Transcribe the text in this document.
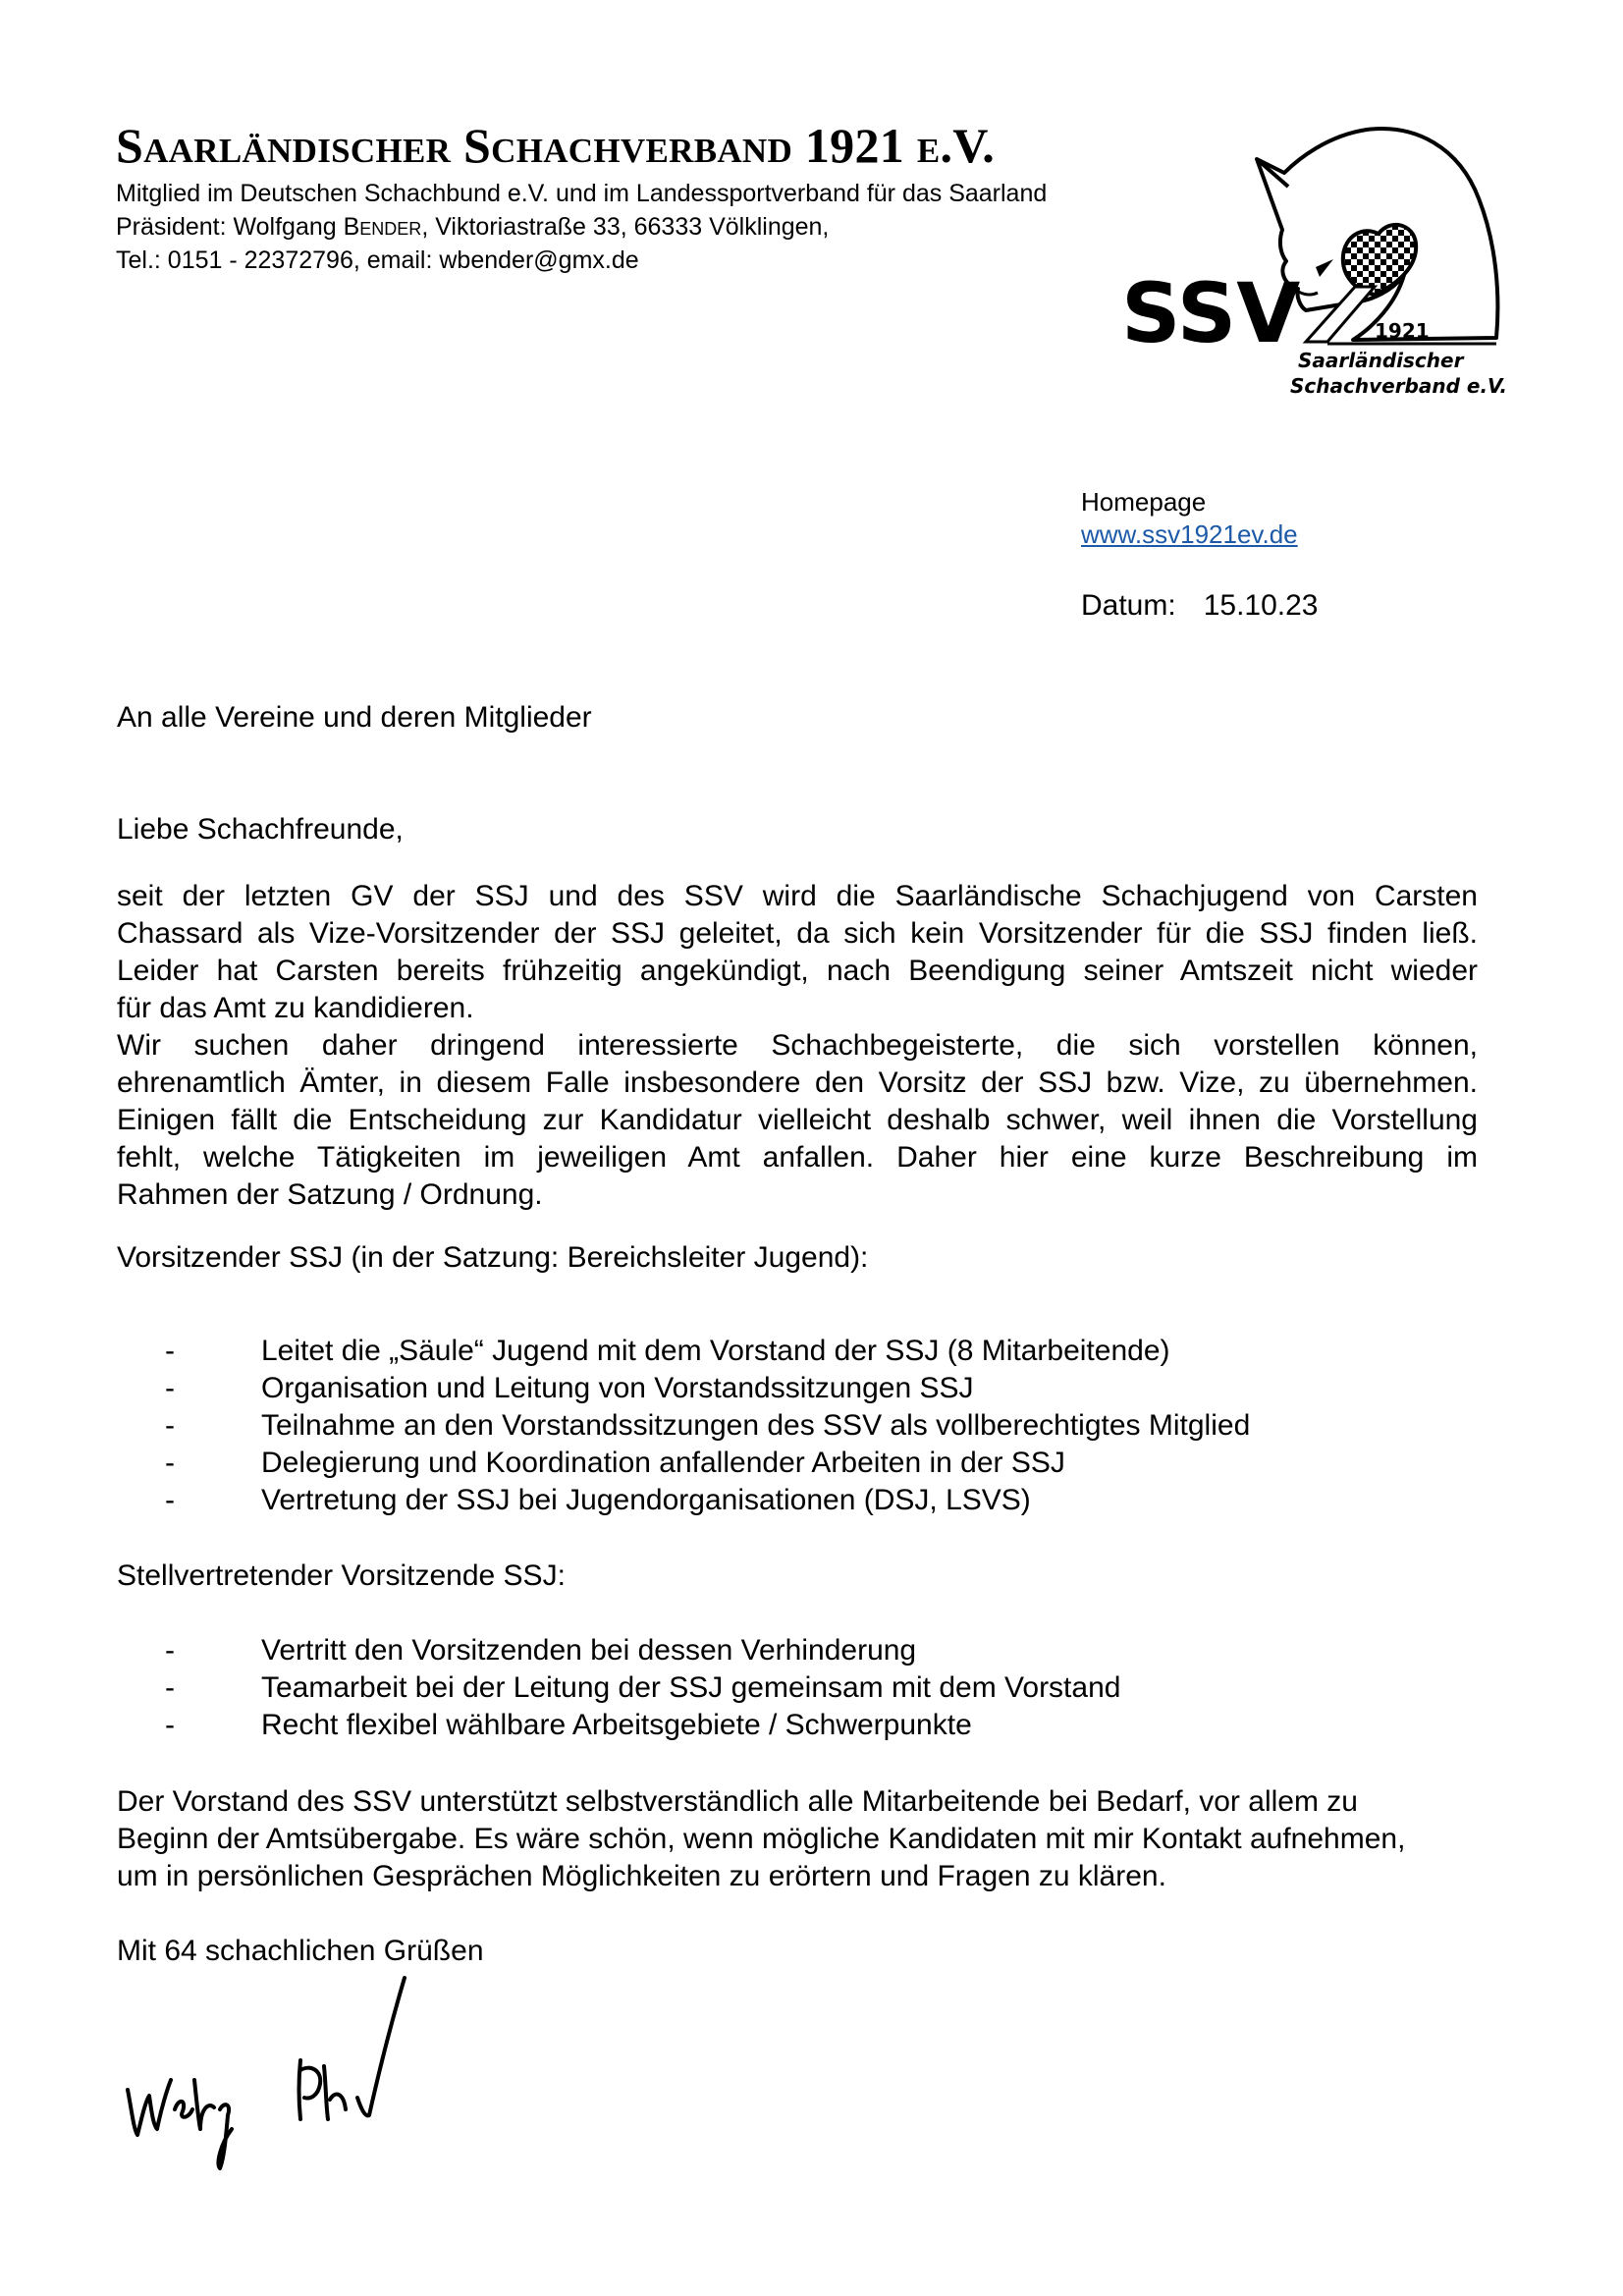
Saarländischer Schachverband 1921 e.V.
Mitglied im Deutschen Schachbund e.V. und im Landessportverband für das Saarland
Präsident: Wolfgang Bender, Viktoriastraße 33, 66333 Völklingen,
Tel.: 0151 - 22372796, email: wbender@gmx.de
SSV	1921
Saarländischer
Schachverband e.V.
Homepage
www.ssv1921ev.de
Datum: 15.10.23

An alle Vereine und deren Mitglieder

Liebe Schachfreunde,

seit der letzten GV der SSJ und des SSV wird die Saarländische Schachjugend von Carsten
Chassard als Vize-Vorsitzender der SSJ geleitet, da sich kein Vorsitzender für die SSJ finden ließ.
Leider hat Carsten bereits frühzeitig angekündigt, nach Beendigung seiner Amtszeit nicht wieder
für das Amt zu kandidieren.
Wir suchen daher dringend interessierte Schachbegeisterte, die sich vorstellen können,
ehrenamtlich Ämter, in diesem Falle insbesondere den Vorsitz der SSJ bzw. Vize, zu übernehmen.
Einigen fällt die Entscheidung zur Kandidatur vielleicht deshalb schwer, weil ihnen die Vorstellung
fehlt, welche Tätigkeiten im jeweiligen Amt anfallen. Daher hier eine kurze Beschreibung im
Rahmen der Satzung / Ordnung.

Vorsitzender SSJ (in der Satzung: Bereichsleiter Jugend):

-	Leitet die „Säule“ Jugend mit dem Vorstand der SSJ (8 Mitarbeitende)
-	Organisation und Leitung von Vorstandssitzungen SSJ
-	Teilnahme an den Vorstandssitzungen des SSV als vollberechtigtes Mitglied
-	Delegierung und Koordination anfallender Arbeiten in der SSJ
-	Vertretung der SSJ bei Jugendorganisationen (DSJ, LSVS)

Stellvertretender Vorsitzende SSJ:

-	Vertritt den Vorsitzenden bei dessen Verhinderung
-	Teamarbeit bei der Leitung der SSJ gemeinsam mit dem Vorstand
-	Recht flexibel wählbare Arbeitsgebiete / Schwerpunkte
Der Vorstand des SSV unterstützt selbstverständlich alle Mitarbeitende bei Bedarf, vor allem zu
Beginn der Amtsübergabe. Es wäre schön, wenn mögliche Kandidaten mit mir Kontakt aufnehmen,
um in persönlichen Gesprächen Möglichkeiten zu erörtern und Fragen zu klären.

Mit 64 schachlichen Grüßen
